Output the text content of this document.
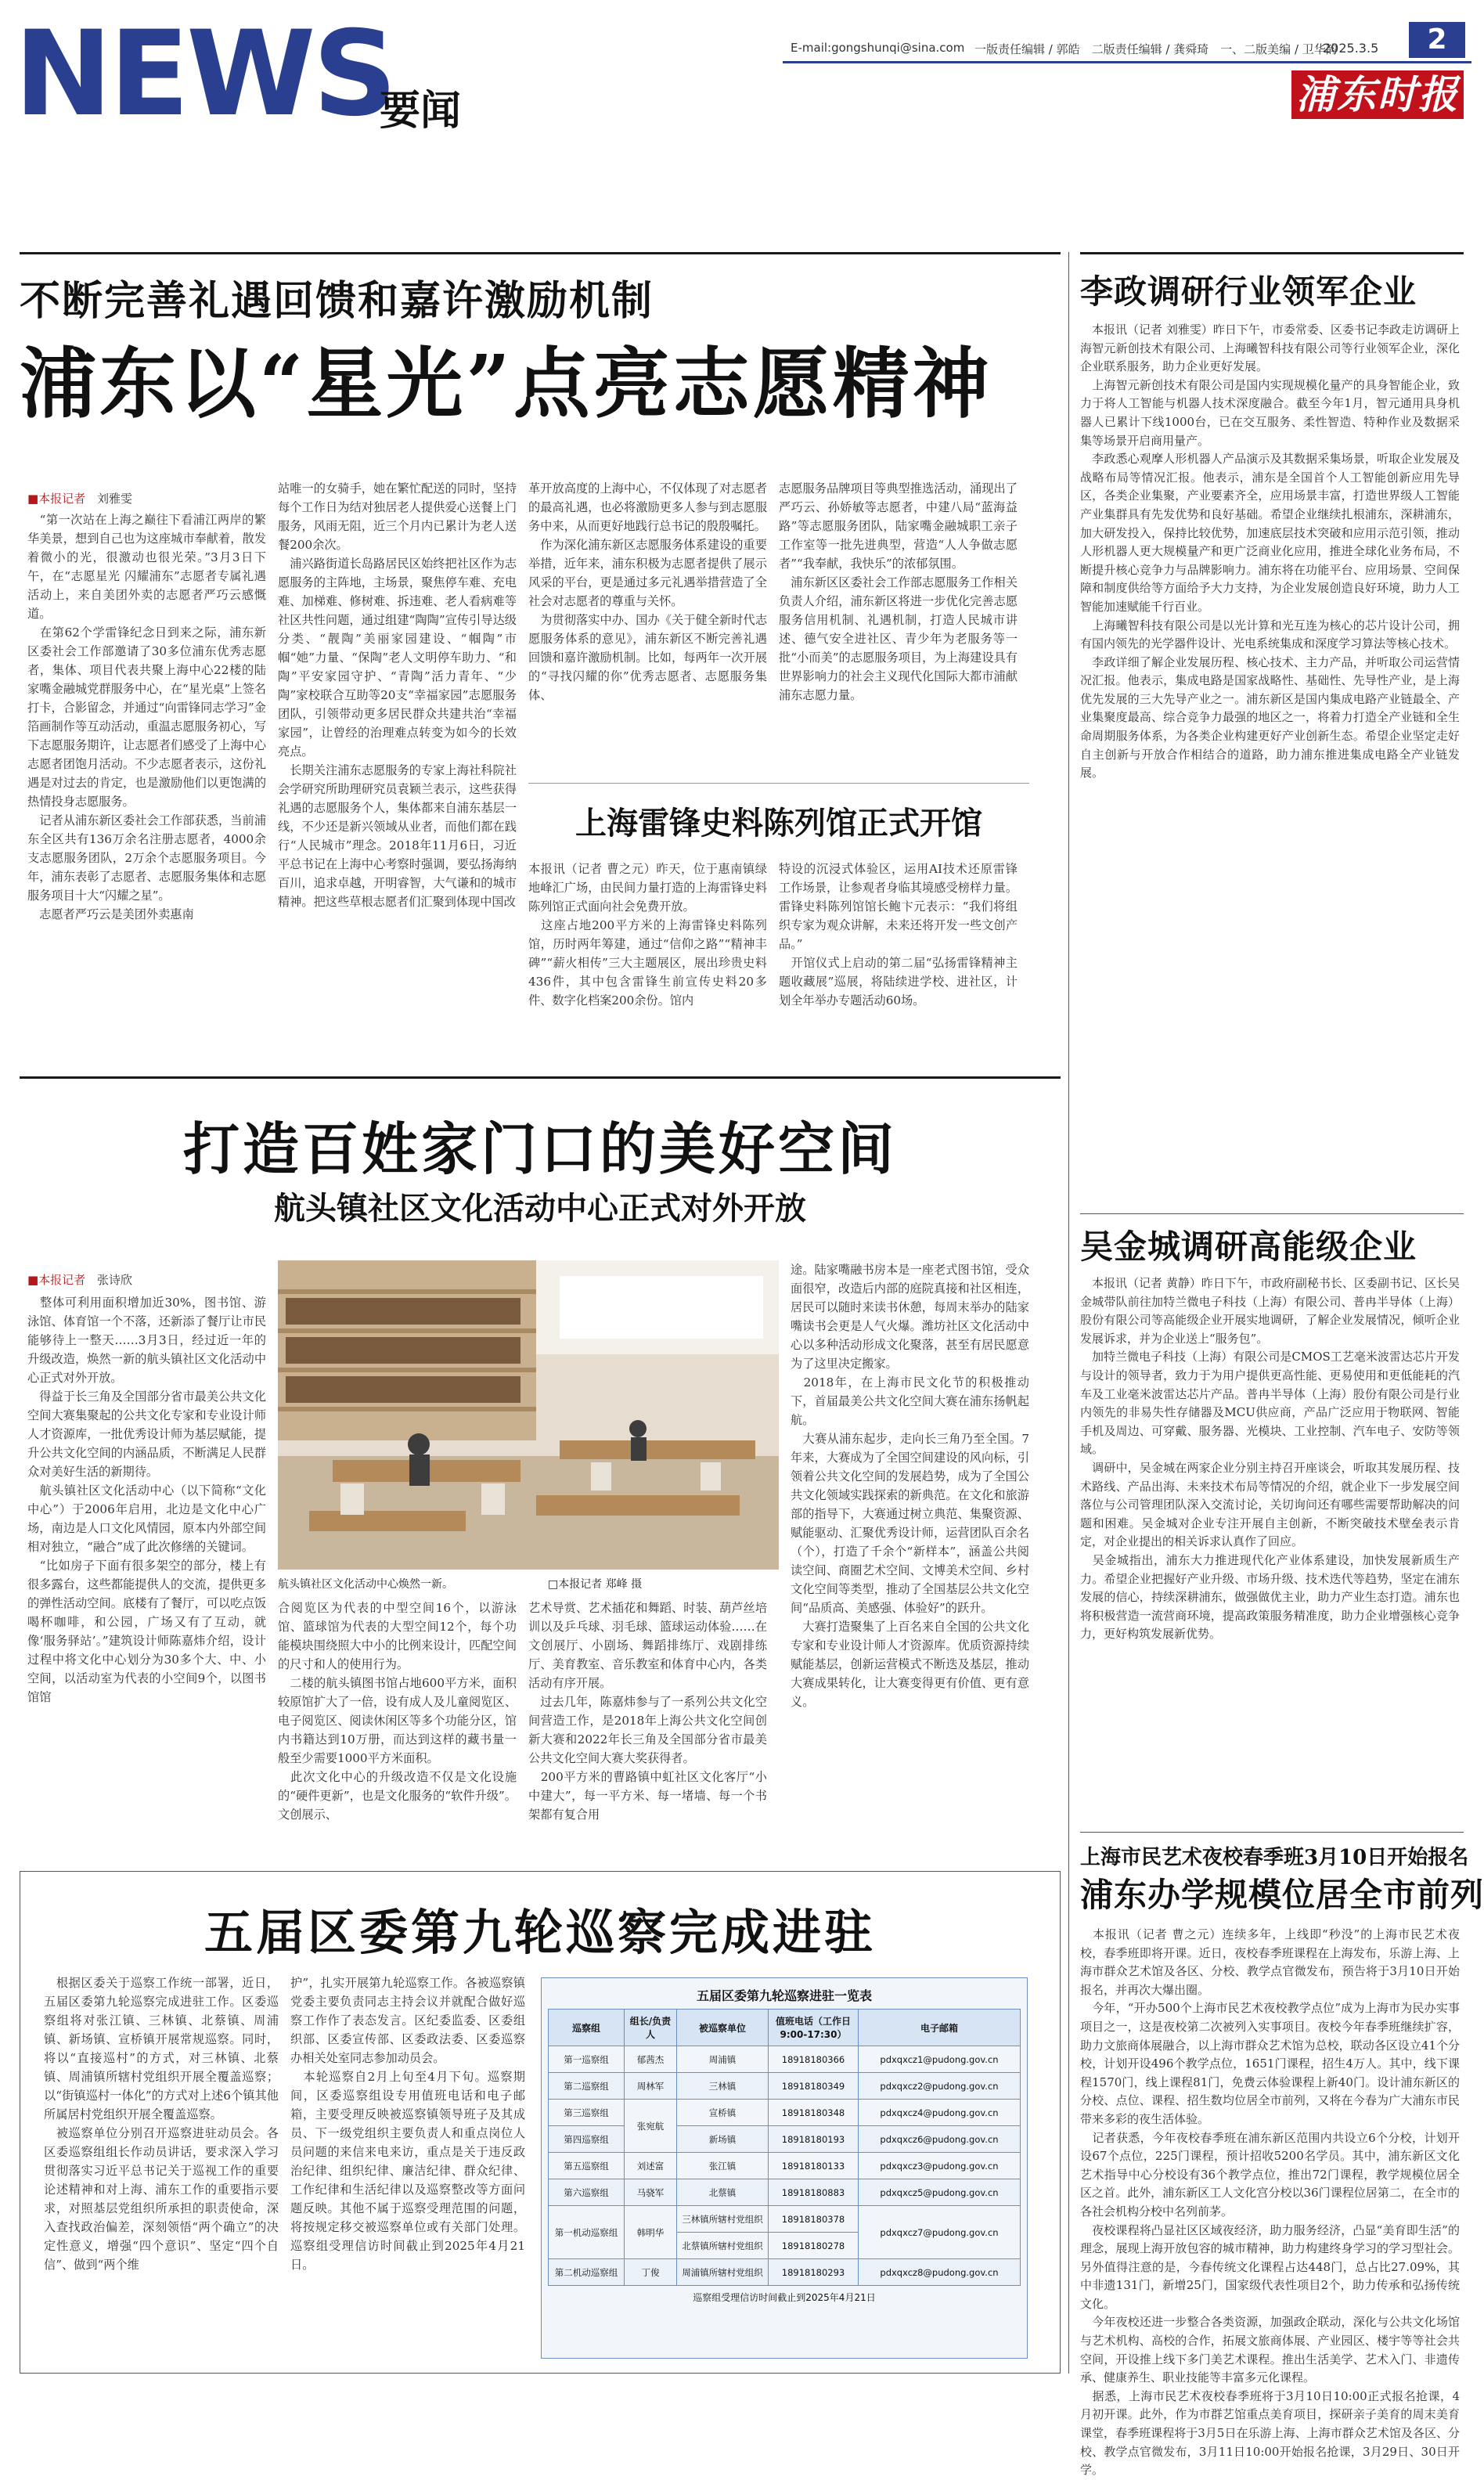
NEWS
要闻
E-mail:gongshunqi@sina.com 一版责任编辑 / 郭皓　二版责任编辑 / 龚舜琦　一、二版美编 / 卫华韵
2025.3.5	2
浦东时报
不断完善礼遇回馈和嘉许激励机制
浦东以“星光”点亮志愿精神
■本报记者 刘雅雯
　“第一次站在上海之巅往下看浦江两岸的繁华美景，想到自己也为这座城市奉献着，散发着微小的光，很激动也很光荣。”3月3日下午，在“志愿星光 闪耀浦东”志愿者专属礼遇活动上，来自美团外卖的志愿者严巧云感慨道。
　在第62个学雷锋纪念日到来之际，浦东新区委社会工作部邀请了30多位浦东优秀志愿者，集体、项目代表共聚上海中心22楼的陆家嘴金融城党群服务中心，在“星光桌”上签名打卡，合影留念，并通过“向雷锋同志学习”金箔画制作等互动活动，重温志愿服务初心，写下志愿服务期许，让志愿者们感受了上海中心志愿者团饱月活动。不少志愿者表示，这份礼遇是对过去的肯定，也是激励他们以更饱满的热情投身志愿服务。
　记者从浦东新区委社会工作部获悉，当前浦东全区共有136万余名注册志愿者，4000余支志愿服务团队，2万余个志愿服务项目。今年，浦东表彰了志愿者、志愿服务集体和志愿服务项目十大“闪耀之星”。
　志愿者严巧云是美团外卖惠南
站唯一的女骑手，她在繁忙配送的同时，坚持每个工作日为结对独居老人提供爱心送餐上门服务，风雨无阻，近三个月内已累计为老人送餐200余次。
　浦兴路街道长岛路居民区始终把社区作为志愿服务的主阵地，主场景，聚焦停车难、充电难、加梯难、修树难、拆违难、老人看病难等社区共性问题，通过组建“陶陶”宣传引导达级分类、“靓陶”美丽家园建设、“帼陶”市帼“她”力量、“保陶”老人文明停车助力、“和陶”平安家园守护、“青陶”活力青年、“少陶”家校联合互助等20支“幸福家园”志愿服务团队，引领带动更多居民群众共建共治“幸福家园”，让曾经的治理难点转变为如今的长效亮点。
　长期关注浦东志愿服务的专家上海社科院社会学研究所助理研究员袁颖兰表示，这些获得礼遇的志愿服务个人，集体都来自浦东基层一线，不少还是新兴领域从业者，而他们都在践行“人民城市”理念。2018年11月6日，习近平总书记在上海中心考察时强调，要弘扬海纳百川，追求卓越，开明睿智，大气谦和的城市精神。把这些草根志愿者们汇聚到体现中国改
革开放高度的上海中心，不仅体现了对志愿者的最高礼遇，也必将激励更多人参与到志愿服务中来，从而更好地践行总书记的殷殷嘱托。
　作为深化浦东新区志愿服务体系建设的重要举措，近年来，浦东积极为志愿者提供了展示风采的平台，更是通过多元礼遇举措营造了全社会对志愿者的尊重与关怀。
　为贯彻落实中办、国办《关于健全新时代志愿服务体系的意见》，浦东新区不断完善礼遇回馈和嘉许激励机制。比如，每两年一次开展的“寻找闪耀的你”优秀志愿者、志愿服务集体、
志愿服务品牌项目等典型推选活动，涌现出了严巧云、孙娇敏等志愿者，中建八局“蓝海益路”等志愿服务团队，陆家嘴金融城职工亲子工作室等一批先进典型，营造“人人争做志愿者”“我奉献，我快乐”的浓郁氛围。
　浦东新区区委社会工作部志愿服务工作相关负责人介绍，浦东新区将进一步优化完善志愿服务信用机制、礼遇机制，打造人民城市讲述、德气安全进社区、青少年为老服务等一批“小而美”的志愿服务项目，为上海建设具有世界影响力的社会主义现代化国际大都市浦献浦东志愿力量。
上海雷锋史料陈列馆正式开馆
本报讯（记者 曹之元）昨天，位于惠南镇绿地峰汇广场，由民间力量打造的上海雷锋史料陈列馆正式面向社会免费开放。
　这座占地200平方米的上海雷锋史料陈列馆，历时两年筹建，通过“信仰之路”“精神丰碑”“薪火相传”三大主题展区，展出珍贵史料436件，其中包含雷锋生前宣传史料20多件、数字化档案200余份。馆内
特设的沉浸式体验区，运用AI技术还原雷锋工作场景，让参观者身临其境感受榜样力量。雷锋史料陈列馆馆长鲍卞元表示：“我们将组织专家为观众讲解，未来还将开发一些文创产品。”
　开馆仪式上启动的第二届“弘扬雷锋精神主题收藏展”巡展，将陆续进学校、进社区，计划全年举办专题活动60场。
打造百姓家门口的美好空间
航头镇社区文化活动中心正式对外开放
■本报记者 张诗欣
　整体可利用面积增加近30%，图书馆、游泳馆、体育馆一个不落，还新添了餐厅让市民能够待上一整天……3月3日，经过近一年的升级改造，焕然一新的航头镇社区文化活动中心正式对外开放。
　得益于长三角及全国部分省市最美公共文化空间大赛集聚起的公共文化专家和专业设计师人才资源库，一批优秀设计师为基层赋能，提升公共文化空间的内涵品质，不断满足人民群众对美好生活的新期待。
　航头镇社区文化活动中心（以下简称“文化中心”）于2006年启用，北边是文化中心广场，南边是人口文化风情园，原本内外部空间相对独立，“融合”成了此次修缮的关键词。
　“比如房子下面有很多架空的部分，楼上有很多露台，这些都能提供人的交流，提供更多的弹性活动空间。底楼有了餐厅，可以吃点饭喝杯咖啡，和公园，广场又有了互动，就像‘服务驿站’。”建筑设计师陈嘉炜介绍，设计过程中将文化中心划分为30多个大、中、小空间，以活动室为代表的小空间9个，以图书馆馆
航头镇社区文化活动中心焕然一新。	□本报记者 郑峰 摄
合阅览区为代表的中型空间16个，以游泳馆、篮球馆为代表的大型空间12个，每个功能模块围绕照大中小的比例来设计，匹配空间的尺寸和人的使用行为。
　二楼的航头镇图书馆占地600平方米，面积较原馆扩大了一倍，设有成人及儿童阅览区、电子阅览区、阅读休闲区等多个功能分区，馆内书籍达到10万册，而达到这样的藏书量一般至少需要1000平方米面积。
　此次文化中心的升级改造不仅是文化设施的“硬件更新”，也是文化服务的“软件升级”。文创展示、
艺术导赏、艺术插花和舞蹈、时装、葫芦丝培训以及乒乓球、羽毛球、篮球运动体验……在文创展厅、小剧场、舞蹈排练厅、戏剧排练厅、美育教室、音乐教室和体育中心内，各类活动有序开展。
　过去几年，陈嘉炜参与了一系列公共文化空间营造工作，是2018年上海公共文化空间创新大赛和2022年长三角及全国部分省市最美公共文化空间大赛大奖获得者。
　200平方米的曹路镇中虹社区文化客厅“小中建大”，每一平方米、每一堵墙、每一个书架都有复合用
途。陆家嘴融书房本是一座老式图书馆，受众面很窄，改造后内部的庭院真接和社区相连，居民可以随时来读书休憩，每周末举办的陆家嘴读书会更是人气火爆。潍坊社区文化活动中心以多种活动形成文化聚落，甚至有居民愿意为了这里决定搬家。
　2018年，在上海市民文化节的积极推动下，首届最美公共文化空间大赛在浦东扬帆起航。
　大赛从浦东起步，走向长三角乃至全国。7年来，大赛成为了全国空间建设的风向标，引领着公共文化空间的发展趋势，成为了全国公共文化领域实践探索的新典范。在文化和旅游部的指导下，大赛通过树立典范、集聚资源、赋能驱动、汇聚优秀设计师，运营团队百余名（个），打造了千余个“新样本”，涵盖公共阅读空间、商圈艺术空间、文博美术空间、乡村文化空间等类型，推动了全国基层公共文化空间“品质高、美感强、体验好”的跃升。
　大赛打造聚集了上百名来自全国的公共文化专家和专业设计师人才资源库。优质资源持续赋能基层，创新运营模式不断迭及基层，推动大赛成果转化，让大赛变得更有价值、更有意义。
五届区委第九轮巡察完成进驻
　根据区委关于巡察工作统一部署，近日，五届区委第九轮巡察完成进驻工作。区委巡察组将对张江镇、三林镇、北蔡镇、周浦镇、新场镇、宣桥镇开展常规巡察。同时，将以“直接巡村”的方式，对三林镇、北蔡镇、周浦镇所辖村党组织开展全覆盖巡察；以“街镇巡村一体化”的方式对上述6个镇其他所属居村党组织开展全覆盖巡察。
　被巡察单位分别召开巡察进驻动员会。各区委巡察组组长作动员讲话，要求深入学习贯彻落实习近平总书记关于巡视工作的重要论述精神和对上海、浦东工作的重要指示要求，对照基层党组织所承担的职责使命，深入查找政治偏差，深刻领悟“两个确立”的决定性意义，增强“四个意识”、坚定“四个自信”、做到“两个维
护”，扎实开展第九轮巡察工作。各被巡察镇党委主要负责同志主持会议并就配合做好巡察工作作了表态发言。区纪委监委、区委组织部、区委宣传部、区委政法委、区委巡察办相关处室同志参加动员会。
　本轮巡察自2月上旬至4月下旬。巡察期间，区委巡察组设专用值班电话和电子邮箱，主要受理反映被巡察镇领导班子及其成员、下一级党组织主要负责人和重点岗位人员问题的来信来电来访，重点是关于违反政治纪律、组织纪律、廉洁纪律、群众纪律、工作纪律和生活纪律以及巡察整改等方面问题反映。其他不属于巡察受理范围的问题，将按规定移交被巡察单位或有关部门处理。巡察组受理信访时间截止到2025年4月21日。
五届区委第九轮巡察进驻一览表
巡察组	组长/负责人	被巡察单位	值班电话（工作日9:00-17:30）	电子邮箱
第一巡察组	郁茜杰	周浦镇	18918180366	pdxqxcz1@pudong.gov.cn
第二巡察组	周林军	三林镇	18918180349	pdxqxcz2@pudong.gov.cn
第三巡察组	张宛航	宣桥镇	18918180348	pdxqxcz4@pudong.gov.cn
第四巡察组		新场镇	18918180193	pdxqxcz6@pudong.gov.cn
第五巡察组	刘述富	张江镇	18918180133	pdxqxcz3@pudong.gov.cn
第六巡察组	马骁军	北蔡镇	18918180883	pdxqxcz5@pudong.gov.cn
第一机动巡察组	韩明华	三林镇所辖村党组织	18918180378	pdxqxcz7@pudong.gov.cn
		北蔡镇所辖村党组织	18918180278	
第二机动巡察组	丁俊	周浦镇所辖村党组织	18918180293	pdxqxcz8@pudong.gov.cn
巡察组受理信访时间截止到2025年4月21日
李政调研行业领军企业
　本报讯（记者 刘雅雯）昨日下午，市委常委、区委书记李政走访调研上海智元新创技术有限公司、上海曦智科技有限公司等行业领军企业，深化企业联系服务，助力企业更好发展。
　上海智元新创技术有限公司是国内实现规模化量产的具身智能企业，致力于将人工智能与机器人技术深度融合。截至今年1月，智元通用具身机器人已累计下线1000台，已在交互服务、柔性智造、特种作业及数据采集等场景开启商用量产。
　李政悉心观摩人形机器人产品演示及其数据采集场景，听取企业发展及战略布局等情况汇报。他表示，浦东是全国首个人工智能创新应用先导区，各类企业集聚，产业要素齐全，应用场景丰富，打造世界级人工智能产业集群具有先发优势和良好基础。希望企业继续扎根浦东，深耕浦东，加大研发投入，保持比较优势，加速底层技术突破和应用示范引领，推动人形机器人更大规模量产和更广泛商业化应用，推进全球化业务布局，不断提升核心竞争力与品牌影响力。浦东将在功能平台、应用场景、空间保障和制度供给等方面给予大力支持，为企业发展创造良好环境，助力人工智能加速赋能千行百业。
　上海曦智科技有限公司是以光计算和光互连为核心的芯片设计公司，拥有国内领先的光学器件设计、光电系统集成和深度学习算法等核心技术。
　李政详细了解企业发展历程、核心技术、主力产品，并听取公司运营情况汇报。他表示，集成电路是国家战略性、基础性、先导性产业，是上海优先发展的三大先导产业之一。浦东新区是国内集成电路产业链最全、产业集聚度最高、综合竞争力最强的地区之一，将着力打造全产业链和全生命周期服务体系，为各类企业构建更好产业创新生态。希望企业坚定走好自主创新与开放合作相结合的道路，助力浦东推进集成电路全产业链发展。
吴金城调研高能级企业
　本报讯（记者 黄静）昨日下午，市政府副秘书长、区委副书记、区长吴金城带队前往加特兰微电子科技（上海）有限公司、普冉半导体（上海）股份有限公司等高能级企业开展实地调研，了解企业发展情况，倾听企业发展诉求，并为企业送上“服务包”。
　加特兰微电子科技（上海）有限公司是CMOS工艺毫米波雷达芯片开发与设计的领导者，致力于为用户提供更高性能、更易使用和更低能耗的汽车及工业毫米波雷达芯片产品。普冉半导体（上海）股份有限公司是行业内领先的非易失性存储器及MCU供应商，产品广泛应用于物联网、智能手机及周边、可穿戴、服务器、光模块、工业控制、汽车电子、安防等领域。
　调研中，吴金城在两家企业分别主持召开座谈会，听取其发展历程、技术路线、产品出海、未来技术布局等情况的介绍，就企业下一步发展空间落位与公司管理团队深入交流讨论，关切询问还有哪些需要帮助解决的问题和困难。吴金城对企业专注开展自主创新，不断突破技术壁垒表示肯定，对企业提出的相关诉求认真作了回应。
　吴金城指出，浦东大力推进现代化产业体系建设，加快发展新质生产力。希望企业把握好产业升级、市场升级、技术迭代等趋势，坚定在浦东发展的信心，持续深耕浦东，做强做优主业，助力产业生态打造。浦东也将积极营造一流营商环境，提高政策服务精准度，助力企业增强核心竞争力，更好构筑发展新优势。
上海市民艺术夜校春季班3月10日开始报名
浦东办学规模位居全市前列
　本报讯（记者 曹之元）连续多年，上线即“秒没”的上海市民艺术夜校，春季班即将开课。近日，夜校春季班课程在上海发布，乐游上海、上海市群众艺术馆及各区、分校、教学点官微发布，预告将于3月10日开始报名，并再次大爆出圈。
　今年，“开办500个上海市民艺术夜校教学点位”成为上海市为民办实事项目之一，这是夜校第二次被列入实事项目。夜校今年春季班继续扩容，助力文旅商体展融合，以上海市群众艺术馆为总校，联动各区设立41个分校，计划开设496个教学点位，1651门课程，招生4万人。其中，线下课程1570门，线上课程81门，免费云体验课程上新40门。设计浦东新区的分校、点位、课程、招生数均位居全市前列，又将在今春为广大浦东市民带来多彩的夜生活体验。
　记者获悉，今年夜校春季班在浦东新区范围内共设立6个分校，计划开设67个点位，225门课程，预计招收5200名学员。其中，浦东新区文化艺术指导中心分校设有36个教学点位，推出72门课程，教学规模位居全区之首。此外，浦东新区工人文化宫分校以36门课程位居第二，在全市的各社会机构分校中名列前茅。
　夜校课程将凸显社区区域夜经济，助力服务经济，凸显“美育即生活”的理念，展现上海开放包容的城市精神，助力构建终身学习的学习型社会。另外值得注意的是，今春传统文化课程占达448门，总占比27.09%，其中非遗131门，新增25门，国家级代表性项目2个，助力传承和弘扬传统文化。
　今年夜校还进一步整合各类资源，加强政企联动，深化与公共文化场馆与艺术机构、高校的合作，拓展文旅商体展、产业园区、楼宇等等社会共空间，开设推上线下多门美艺术课程。推出生活美学、艺术入门、非遗传承、健康养生、职业技能等丰富多元化课程。
　据悉，上海市民艺术夜校春季班将于3月10日10:00正式报名抢课，4月初开课。此外，作为市群艺馆重点美育项目，探研亲子美育的周末美育课堂，春季班课程将于3月5日在乐游上海、上海市群众艺术馆及各区、分校、教学点官微发布，3月11日10:00开始报名抢课，3月29日、30日开学。
